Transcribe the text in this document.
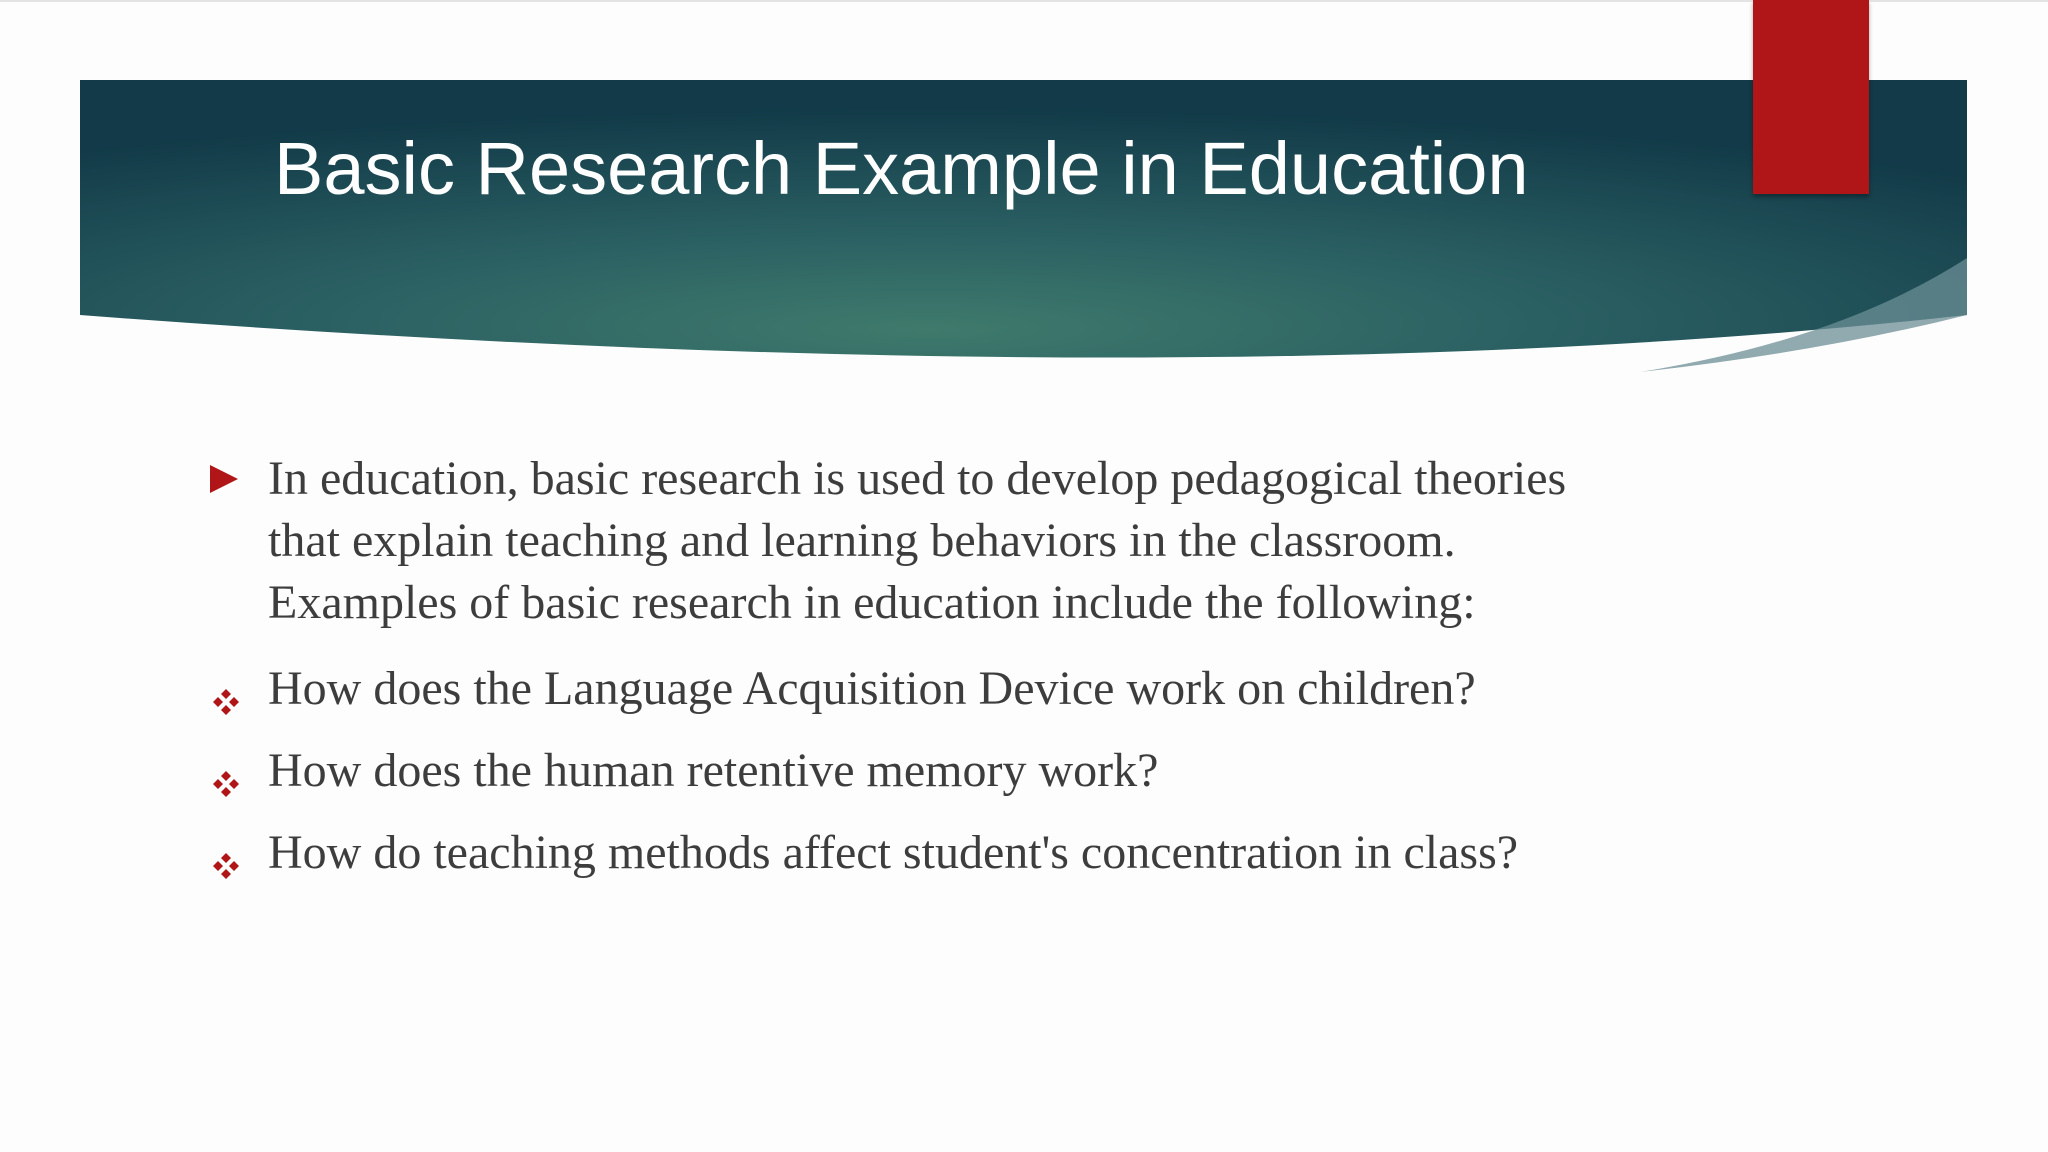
Basic Research Example in Education
In education, basic research is used to develop pedagogical theories
that explain teaching and learning behaviors in the classroom.
Examples of basic research in education include the following:
How does the Language Acquisition Device work on children?
How does the human retentive memory work?
How do teaching methods affect student's concentration in class?
